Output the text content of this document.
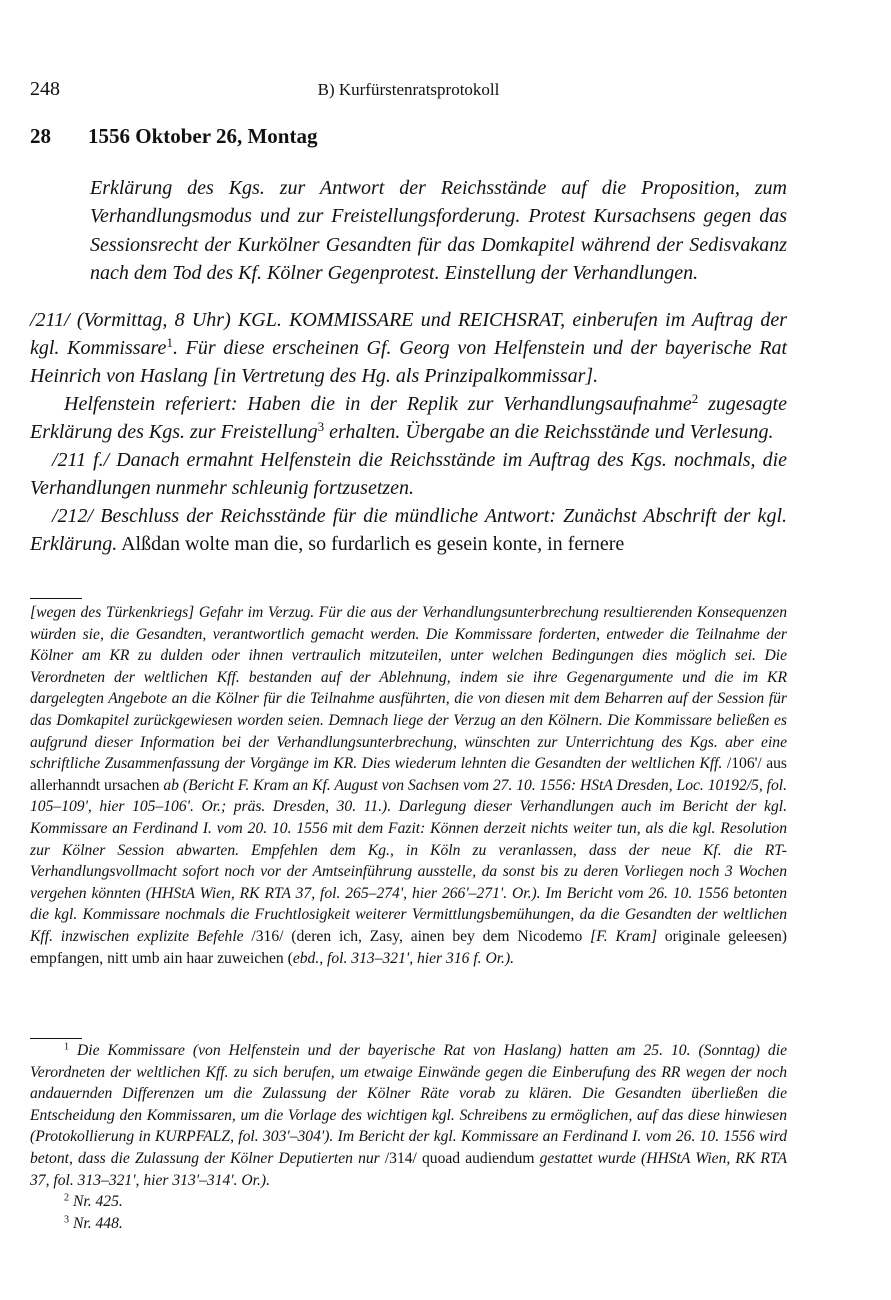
248	B) Kurfürstenratsprotokoll
28 1556 Oktober 26, Montag
Erklärung des Kgs. zur Antwort der Reichsstände auf die Proposition, zum Verhandlungsmodus und zur Freistellungsforderung. Protest Kursachsens gegen das Sessionsrecht der Kurkölner Gesandten für das Domkapitel während der Sedisvakanz nach dem Tod des Kf. Kölner Gegenprotest. Einstellung der Verhandlungen.

/211/ (Vormittag, 8 Uhr) KGL. KOMMISSARE und REICHSRAT, einberufen im Auftrag der kgl. Kommissare$^1$. Für diese erscheinen Gf. Georg von Helfenstein und der bayerische Rat Heinrich von Haslang [in Vertretung des Hg. als Prinzipalkommissar].

Helfenstein referiert: Haben die in der Replik zur Verhandlungsaufnahme$^2$ zugesagte Erklärung des Kgs. zur Freistellung$^3$ erhalten. Übergabe an die Reichsstände und Verlesung.

/211 f./ Danach ermahnt Helfenstein die Reichsstände im Auftrag des Kgs. nochmals, die Verhandlungen nunmehr schleunig fortzusetzen.

/212/ Beschluss der Reichsstände für die mündliche Antwort: Zunächst Abschrift der kgl. Erklärung. Alßdan wolte man die, so furdarlich es gesein konte, in fernere

[wegen des Türkenkriegs] Gefahr im Verzug. Für die aus der Verhandlungsunterbrechung resultierenden Konsequenzen würden sie, die Gesandten, verantwortlich gemacht werden. Die Kommissare forderten, entweder die Teilnahme der Kölner am KR zu dulden oder ihnen vertraulich mitzuteilen, unter welchen Bedingungen dies möglich sei. Die Verordneten der weltlichen Kff. bestanden auf der Ablehnung, indem sie ihre Gegenargumente und die im KR dargelegten Angebote an die Kölner für die Teilnahme ausführten, die von diesen mit dem Beharren auf der Session für das Domkapitel zurückgewiesen worden seien. Demnach liege der Verzug an den Kölnern. Die Kommissare beließen es aufgrund dieser Information bei der Verhandlungsunterbrechung, wünschten zur Unterrichtung des Kgs. aber eine schriftliche Zusammenfassung der Vorgänge im KR. Dies wiederum lehnten die Gesandten der weltlichen Kff. /106'/ aus allerhanndt ursachen ab (Bericht F. Kram an Kf. August von Sachsen vom 27. 10. 1556: HStA Dresden, Loc. 10192/5, fol. 105–109', hier 105–106'. Or.; präs. Dresden, 30. 11.). Darlegung dieser Verhandlungen auch im Bericht der kgl. Kommissare an Ferdinand I. vom 20. 10. 1556 mit dem Fazit: Können derzeit nichts weiter tun, als die kgl. Resolution zur Kölner Session abwarten. Empfehlen dem Kg., in Köln zu veranlassen, dass der neue Kf. die RT-Verhandlungsvollmacht sofort noch vor der Amtseinführung ausstelle, da sonst bis zu deren Vorliegen noch 3 Wochen vergehen könnten (HHStA Wien, RK RTA 37, fol. 265–274', hier 266'–271'. Or.). Im Bericht vom 26. 10. 1556 betonten die kgl. Kommissare nochmals die Fruchtlosigkeit weiterer Vermittlungsbemühungen, da die Gesandten der weltlichen Kff. inzwischen explizite Befehle /316/ (deren ich, Zasy, ainen bey dem Nicodemo [F. Kram] originale geleesen) empfangen, nitt umb ain haar zuweichen (ebd., fol. 313–321', hier 316 f. Or.).

$^1$ Die Kommissare (von Helfenstein und der bayerische Rat von Haslang) hatten am 25. 10. (Sonntag) die Verordneten der weltlichen Kff. zu sich berufen, um etwaige Einwände gegen die Einberufung des RR wegen der noch andauernden Differenzen um die Zulassung der Kölner Räte vorab zu klären. Die Gesandten überließen die Entscheidung den Kommissaren, um die Vorlage des wichtigen kgl. Schreibens zu ermöglichen, auf das diese hinwiesen (Protokollierung in KURPFALZ, fol. 303'–304'). Im Bericht der kgl. Kommissare an Ferdinand I. vom 26. 10. 1556 wird betont, dass die Zulassung der Kölner Deputierten nur /314/ quoad audiendum gestattet wurde (HHStA Wien, RK RTA 37, fol. 313–321', hier 313'–314'. Or.).

$^2$ Nr. 425.

$^3$ Nr. 448.
